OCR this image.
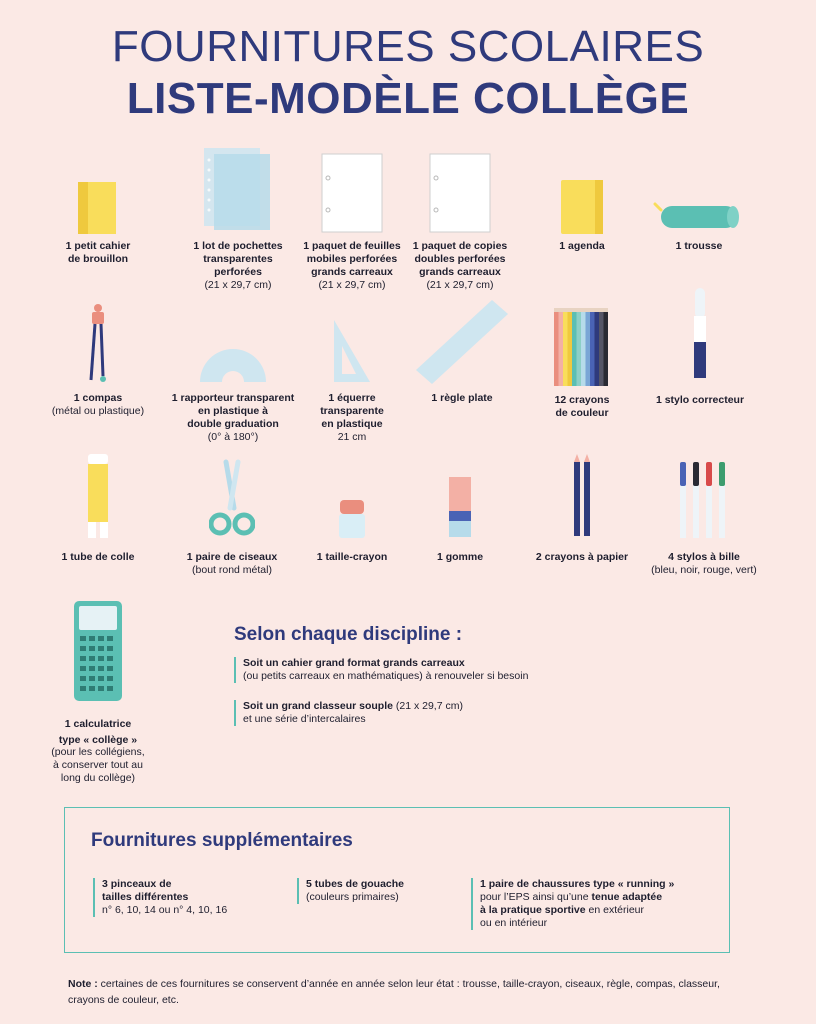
FOURNITURES SCOLAIRES
LISTE-MODÈLE COLLÈGE
1 petit cahier
de brouillon
1 lot de pochettes
transparentes
perforées
(21 x 29,7 cm)
1 paquet de feuilles
mobiles perforées
grands carreaux
(21 x 29,7 cm)
1 paquet de copies
doubles perforées
grands carreaux
(21 x 29,7 cm)
1 agenda	1 trousse
1 compas
(métal ou plastique)
1 rapporteur transparent
en plastique à
double graduation
(0° à 180°)
1 équerre
transparente
en plastique
21 cm
1 règle plate	12 crayons
de couleur
1 stylo correcteur
1 tube de colle	1 paire de ciseaux
(bout rond métal)
1 taille-crayon	1 gomme	2 crayons à papier	4 stylos à bille
(bleu, noir, rouge, vert)
1 calculatrice
type « collège »
(pour les collégiens,
à conserver tout au
long du collège)
Selon chaque discipline :
Soit un cahier grand format grands carreaux
(ou petits carreaux en mathématiques) à renouveler si besoin
Soit un grand classeur souple (21 x 29,7 cm)
et une série d’intercalaires
Fournitures supplémentaires
3 pinceaux de
tailles différentes
n° 6, 10, 14 ou n° 4, 10, 16
5 tubes de gouache
(couleurs primaires)
1 paire de chaussures type « running »
pour l’EPS ainsi qu’une tenue adaptée
à la pratique sportive en extérieur
ou en intérieur
Note : certaines de ces fournitures se conservent d’année en année selon leur état : trousse, taille-crayon, ciseaux, règle, compas, classeur, crayons de couleur, etc.
